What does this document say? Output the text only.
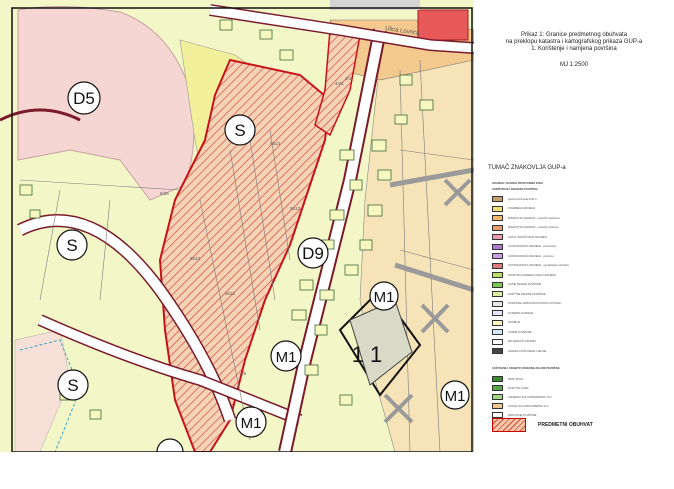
D5
S
S	D9
M1
1 1
M1
S
M1
M1
Ulica Lovrića
5513
5513
5513
5512
4/6
4/41
8/25
4/4
Prikaz 1: Granice predmetnog obuhvata
na preklopu katastra i kartografskog prikaza GUP-a
1. Korištenje i namjena površina
MJ 1:2500
TUMAČ ZNAKOVLJA GUP-a
GRANICE I OZNAKE PROSTORNIH ZONA
KORIŠTENJE I NAMJENA POVRŠINA
ZAŠTIĆENE I OSOBITO VRIJEDNE ZELENE POVRŠINE
granica obuhvata GUP-a
STAMBENA NAMJENA
MJEŠOVITA NAMJENA - pretežito stambena
MJEŠOVITA NAMJENA - pretežito poslovna
JAVNA I DRUŠTVENA NAMJENA
GOSPODARSKA NAMJENA - proizvodna
GOSPODARSKA NAMJENA - poslovna
GOSPODARSKA NAMJENA - ugostiteljsko-turistička
SPORTSKO-REKREACIJSKA NAMJENA
JAVNE ZELENE POVRŠINE
ZAŠTITNE ZELENE POVRŠINE
POVRŠINE INFRASTRUKTURNIH SUSTAVA
POSEBNA NAMJENA
GROBLJE
VODNE POVRŠINE
ŽELJEZNIČKI PROMET
GRANICA ZAŠTIĆENE CJELINE
PARK ŠUMA
ZAŠTITNA ŠUMA
VRIJEDNO POLJOPRIVREDNO TLO
OSTALO POLJOPRIVREDNO TLO
PARKOVNE POVRŠINE
PREDMETNI OBUHVAT
